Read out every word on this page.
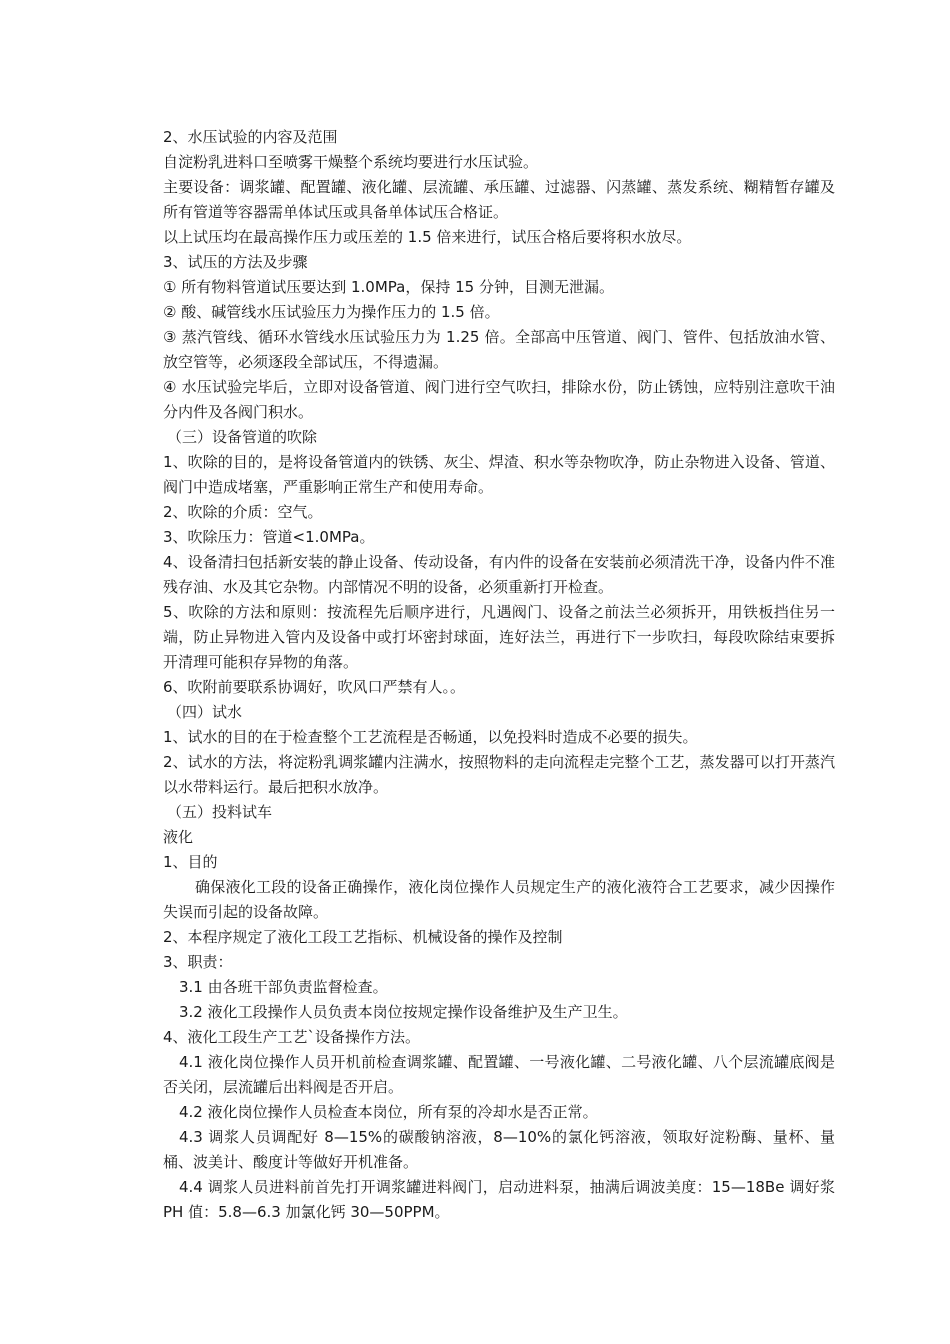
2、水压试验的内容及范围

自淀粉乳进料口至喷雾干燥整个系统均要进行水压试验。

主要设备：调浆罐、配置罐、液化罐、层流罐、承压罐、过滤器、闪蒸罐、蒸发系统、糊精暂存罐及所有管道等容器需单体试压或具备单体试压合格证。

以上试压均在最高操作压力或压差的 1.5 倍来进行，试压合格后要将积水放尽。

3、试压的方法及步骤

① 所有物料管道试压要达到 1.0MPa，保持 15 分钟，目测无泄漏。

② 酸、碱管线水压试验压力为操作压力的 1.5 倍。

③ 蒸汽管线、循环水管线水压试验压力为 1.25 倍。全部高中压管道、阀门、管件、包括放油水管、放空管等，必须逐段全部试压，不得遗漏。

④ 水压试验完毕后，立即对设备管道、阀门进行空气吹扫，排除水份，防止锈蚀，应特别注意吹干油分内件及各阀门积水。

（三）设备管道的吹除

1、吹除的目的，是将设备管道内的铁锈、灰尘、焊渣、积水等杂物吹净，防止杂物进入设备、管道、阀门中造成堵塞，严重影响正常生产和使用寿命。

2、吹除的介质：空气。

3、吹除压力：管道<1.0MPa。

4、设备清扫包括新安装的静止设备、传动设备，有内件的设备在安装前必须清洗干净，设备内件不准残存油、水及其它杂物。内部情况不明的设备，必须重新打开检查。

5、吹除的方法和原则：按流程先后顺序进行，凡遇阀门、设备之前法兰必须拆开，用铁板挡住另一端，防止异物进入管内及设备中或打坏密封球面，连好法兰，再进行下一步吹扫，每段吹除结束要拆开清理可能积存异物的角落。

6、吹附前要联系协调好，吹风口严禁有人。。

（四）试水

1、试水的目的在于检查整个工艺流程是否畅通，以免投料时造成不必要的损失。

2、试水的方法，将淀粉乳调浆罐内注满水，按照物料的走向流程走完整个工艺，蒸发器可以打开蒸汽以水带料运行。最后把积水放净。

（五）投料试车

液化

1、目的

确保液化工段的设备正确操作，液化岗位操作人员规定生产的液化液符合工艺要求，减少因操作失误而引起的设备故障。

2、本程序规定了液化工段工艺指标、机械设备的操作及控制

3、职责：

3.1 由各班干部负责监督检查。

3.2 液化工段操作人员负责本岗位按规定操作设备维护及生产卫生。

4、液化工段生产工艺`设备操作方法。

4.1 液化岗位操作人员开机前检查调浆罐、配置罐、一号液化罐、二号液化罐、八个层流罐底阀是否关闭，层流罐后出料阀是否开启。

4.2 液化岗位操作人员检查本岗位，所有泵的冷却水是否正常。

4.3 调浆人员调配好 8—15%的碳酸钠溶液，8—10%的氯化钙溶液，领取好淀粉酶、量杯、量桶、波美计、酸度计等做好开机准备。

4.4 调浆人员进料前首先打开调浆罐进料阀门，启动进料泵，抽满后调波美度：15—18Be 调好浆 PH 值：5.8—6.3 加氯化钙 30—50PPM。
